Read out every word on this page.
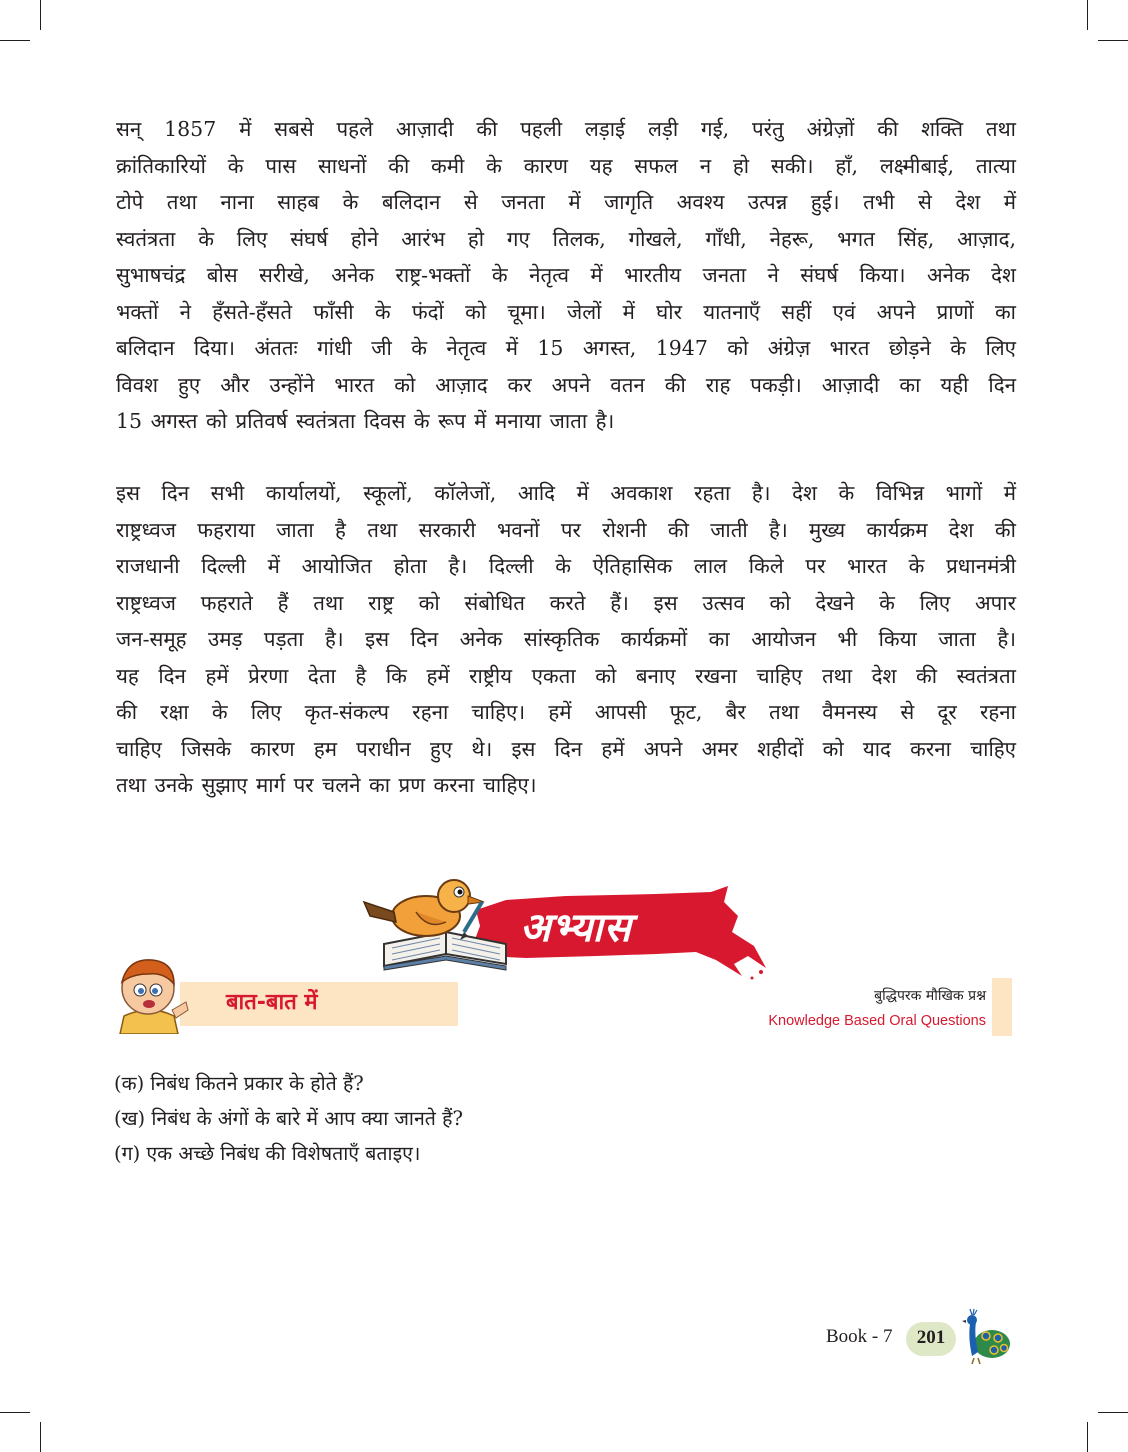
सन् 1857 में सबसे पहले आज़ादी की पहली लड़ाई लड़ी गई, परंतु अंग्रेज़ों की शक्ति तथा
क्रांतिकारियों के पास साधनों की कमी के कारण यह सफल न हो सकी। हाँ, लक्ष्मीबाई, तात्या
टोपे तथा नाना साहब के बलिदान से जनता में जागृति अवश्य उत्पन्न हुई। तभी से देश में
स्वतंत्रता के लिए संघर्ष होने आरंभ हो गए तिलक, गोखले, गाँधी, नेहरू, भगत सिंह, आज़ाद,
सुभाषचंद्र बोस सरीखे, अनेक राष्ट्र-भक्तों के नेतृत्व में भारतीय जनता ने संघर्ष किया। अनेक देश
भक्तों ने हँसते-हँसते फाँसी के फंदों को चूमा। जेलों में घोर यातनाएँ सहीं एवं अपने प्राणों का
बलिदान दिया। अंततः गांधी जी के नेतृत्व में 15 अगस्त, 1947 को अंग्रेज़ भारत छोड़ने के लिए
विवश हुए और उन्होंने भारत को आज़ाद कर अपने वतन की राह पकड़ी। आज़ादी का यही दिन
15 अगस्त को प्रतिवर्ष स्वतंत्रता दिवस के रूप में मनाया जाता है।
इस दिन सभी कार्यालयों, स्कूलों, कॉलेजों, आदि में अवकाश रहता है। देश के विभिन्न भागों में
राष्ट्रध्वज फहराया जाता है तथा सरकारी भवनों पर रोशनी की जाती है। मुख्य कार्यक्रम देश की
राजधानी दिल्ली में आयोजित होता है। दिल्ली के ऐतिहासिक लाल किले पर भारत के प्रधानमंत्री
राष्ट्रध्वज फहराते हैं तथा राष्ट्र को संबोधित करते हैं। इस उत्सव को देखने के लिए अपार
जन-समूह उमड़ पड़ता है। इस दिन अनेक सांस्कृतिक कार्यक्रमों का आयोजन भी किया जाता है।
यह दिन हमें प्रेरणा देता है कि हमें राष्ट्रीय एकता को बनाए रखना चाहिए तथा देश की स्वतंत्रता
की रक्षा के लिए कृत-संकल्प रहना चाहिए। हमें आपसी फूट, बैर तथा वैमनस्य से दूर रहना
चाहिए जिसके कारण हम पराधीन हुए थे। इस दिन हमें अपने अमर शहीदों को याद करना चाहिए
तथा उनके सुझाए मार्ग पर चलने का प्रण करना चाहिए।
अभ्यास
बात-बात में	बुद्धिपरक मौखिक प्रश्न
Knowledge Based Oral Questions
(क) निबंध कितने प्रकार के होते हैं?
(ख) निबंध के अंगों के बारे में आप क्या जानते हैं?
(ग) एक अच्छे निबंध की विशेषताएँ बताइए।
Book - 7	201
